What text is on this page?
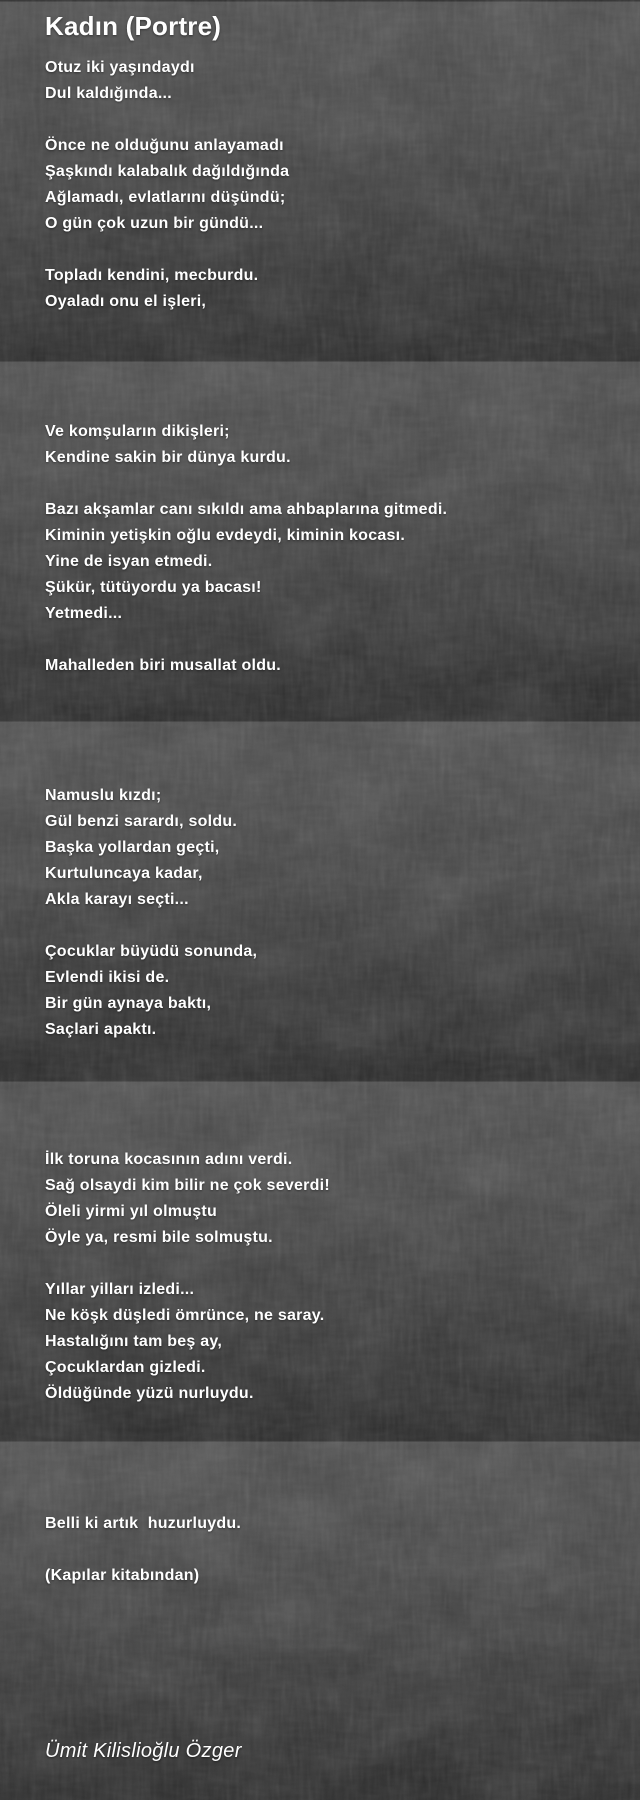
Kadın (Portre)
Otuz iki yaşındaydı
Dul kaldığında...

Önce ne olduğunu anlayamadı
Şaşkındı kalabalık dağıldığında
Ağlamadı, evlatlarını düşündü;
O gün çok uzun bir gündü...

Topladı kendini, mecburdu.
Oyaladı onu el işleri,

Ve komşuların dikişleri;
Kendine sakin bir dünya kurdu.

Bazı akşamlar canı sıkıldı ama ahbaplarına gitmedi.
Kiminin yetişkin oğlu evdeydi, kiminin kocası.
Yine de isyan etmedi.
Şükür, tütüyordu ya bacası!
Yetmedi...

Mahalleden biri musallat oldu.

Namuslu kızdı;
Gül benzi sarardı, soldu.
Başka yollardan geçti,
Kurtuluncaya kadar,
Akla karayı seçti...

Çocuklar büyüdü sonunda,
Evlendi ikisi de.
Bir gün aynaya baktı,
Saçlari apaktı.

İlk toruna kocasının adını verdi.
Sağ olsaydi kim bilir ne çok severdi!
Öleli yirmi yıl olmuştu
Öyle ya, resmi bile solmuştu.

Yıllar yilları izledi...
Ne köşk düşledi ömrünce, ne saray.
Hastalığını tam beş ay,
Çocuklardan gizledi.
Öldüğünde yüzü nurluydu.

Belli ki artık  huzurluydu.

(Kapılar kitabından)
Ümit Kilislioğlu Özger
